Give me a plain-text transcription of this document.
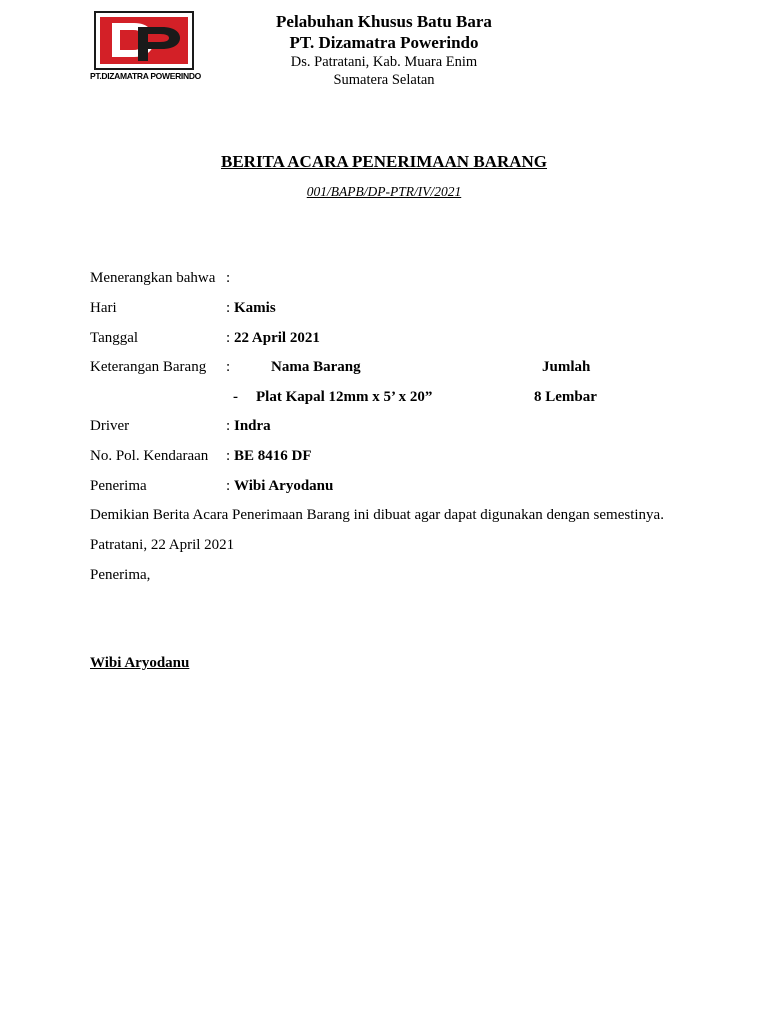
PT.DIZAMATRA POWERINDO
Pelabuhan Khusus Batu Bara
PT. Dizamatra Powerindo
Ds. Patratani, Kab. Muara Enim
Sumatera Selatan
BERITA ACARA PENERIMAAN BARANG
001/BAPB/DP-PTR/IV/2021
Menerangkan bahwa :
Hari	: Kamis
Tanggal	: 22 April 2021
Keterangan Barang :	Nama Barang	Jumlah
- Plat Kapal 12mm x 5’ x 20”	8 Lembar
Driver	: Indra
No. Pol. Kendaraan : BE 8416 DF
Penerima	: Wibi Aryodanu
Demikian Berita Acara Penerimaan Barang ini dibuat agar dapat digunakan dengan semestinya.
Patratani, 22 April 2021
Penerima,
Wibi Aryodanu
